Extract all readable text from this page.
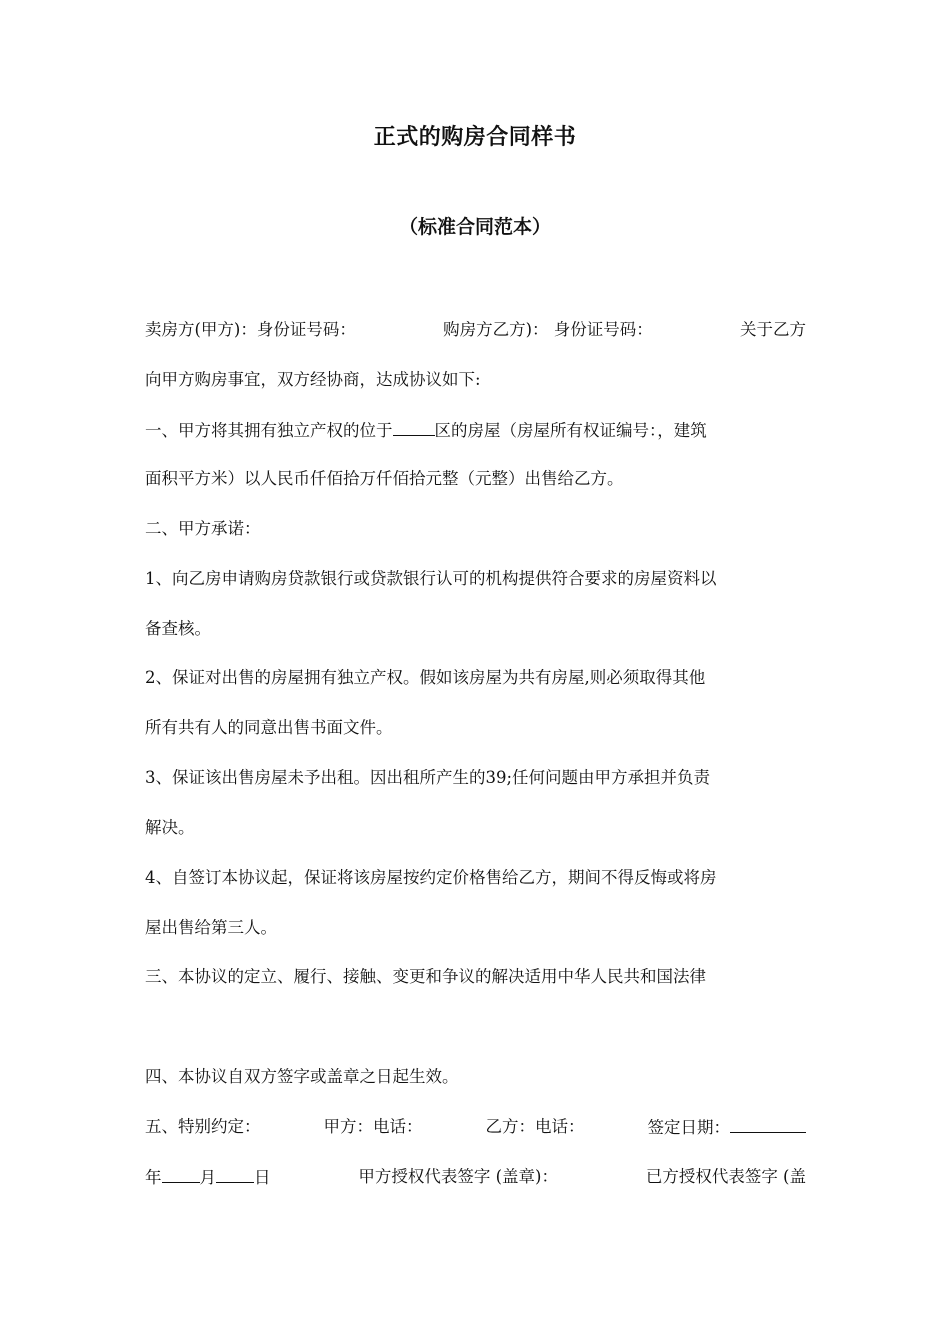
正式的购房合同样书
（标准合同范本）
卖房方(甲方)：身份证号码：	购房方乙方)： 身份证号码：	关于乙方
向甲方购房事宜，双方经协商，达成协议如下:
一、甲方将其拥有独立产权的位于	区的房屋（房屋所有权证编号：，建筑
面积平方米）以人民币仟佰拾万仟佰拾元整（元整）出售给乙方。
二、甲方承诺：
1、向乙房申请购房贷款银行或贷款银行认可的机构提供符合要求的房屋资料以
备查核。
2、保证对出售的房屋拥有独立产权。假如该房屋为共有房屋,则必须取得其他
所有共有人的同意出售书面文件。
3、保证该出售房屋未予出租。因出租所产生的39;任何问题由甲方承担并负责
解决。
4、自签订本协议起，保证将该房屋按约定价格售给乙方，期间不得反悔或将房
屋出售给第三人。
三、本协议的定立、履行、接触、变更和争议的解决适用中华人民共和国法律
四、本协议自双方签字或盖章之日起生效。
五、特别约定：	甲方：电话：	乙方：电话：	签定日期：
年 月 日	甲方授权代表签字 (盖章)：	已方授权代表签字 (盖
